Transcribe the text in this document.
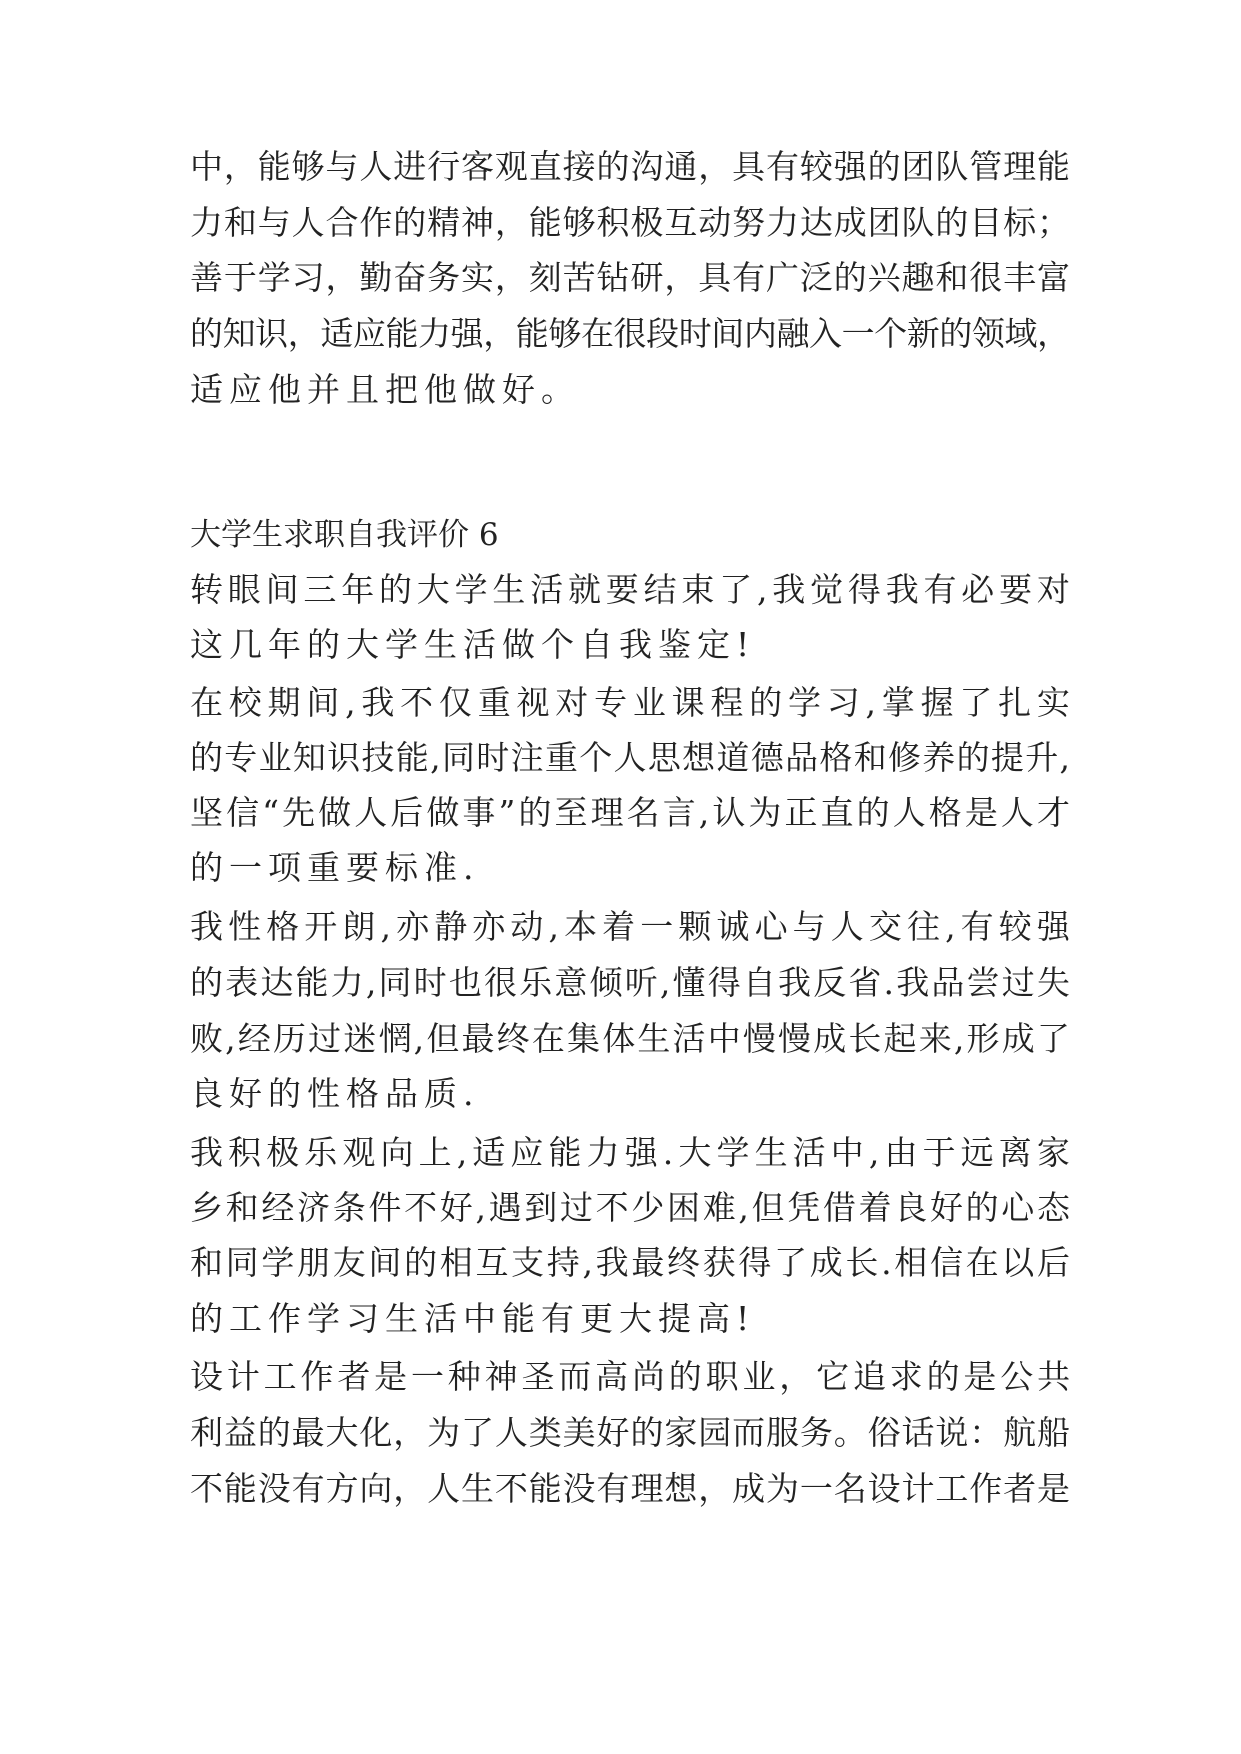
中，能够与人进行客观直接的沟通，具有较强的团队管理能
力和与人合作的精神，能够积极互动努力达成团队的目标；
善于学习，勤奋务实，刻苦钻研，具有广泛的兴趣和很丰富
的知识，适应能力强，能够在很段时间内融入一个新的领域，
适应他并且把他做好。
大学生求职自我评价 6
转眼间三年的大学生活就要结束了,我觉得我有必要对
这几年的大学生活做个自我鉴定!
在校期间,我不仅重视对专业课程的学习,掌握了扎实
的专业知识技能,同时注重个人思想道德品格和修养的提升,
坚信“先做人后做事”的至理名言,认为正直的人格是人才
的一项重要标准.
我性格开朗,亦静亦动,本着一颗诚心与人交往,有较强
的表达能力,同时也很乐意倾听,懂得自我反省.我品尝过失
败,经历过迷惘,但最终在集体生活中慢慢成长起来,形成了
良好的性格品质.
我积极乐观向上,适应能力强.大学生活中,由于远离家
乡和经济条件不好,遇到过不少困难,但凭借着良好的心态
和同学朋友间的相互支持,我最终获得了成长.相信在以后
的工作学习生活中能有更大提高!
设计工作者是一种神圣而高尚的职业，它追求的是公共
利益的最大化，为了人类美好的家园而服务。俗话说：航船
不能没有方向，人生不能没有理想，成为一名设计工作者是
